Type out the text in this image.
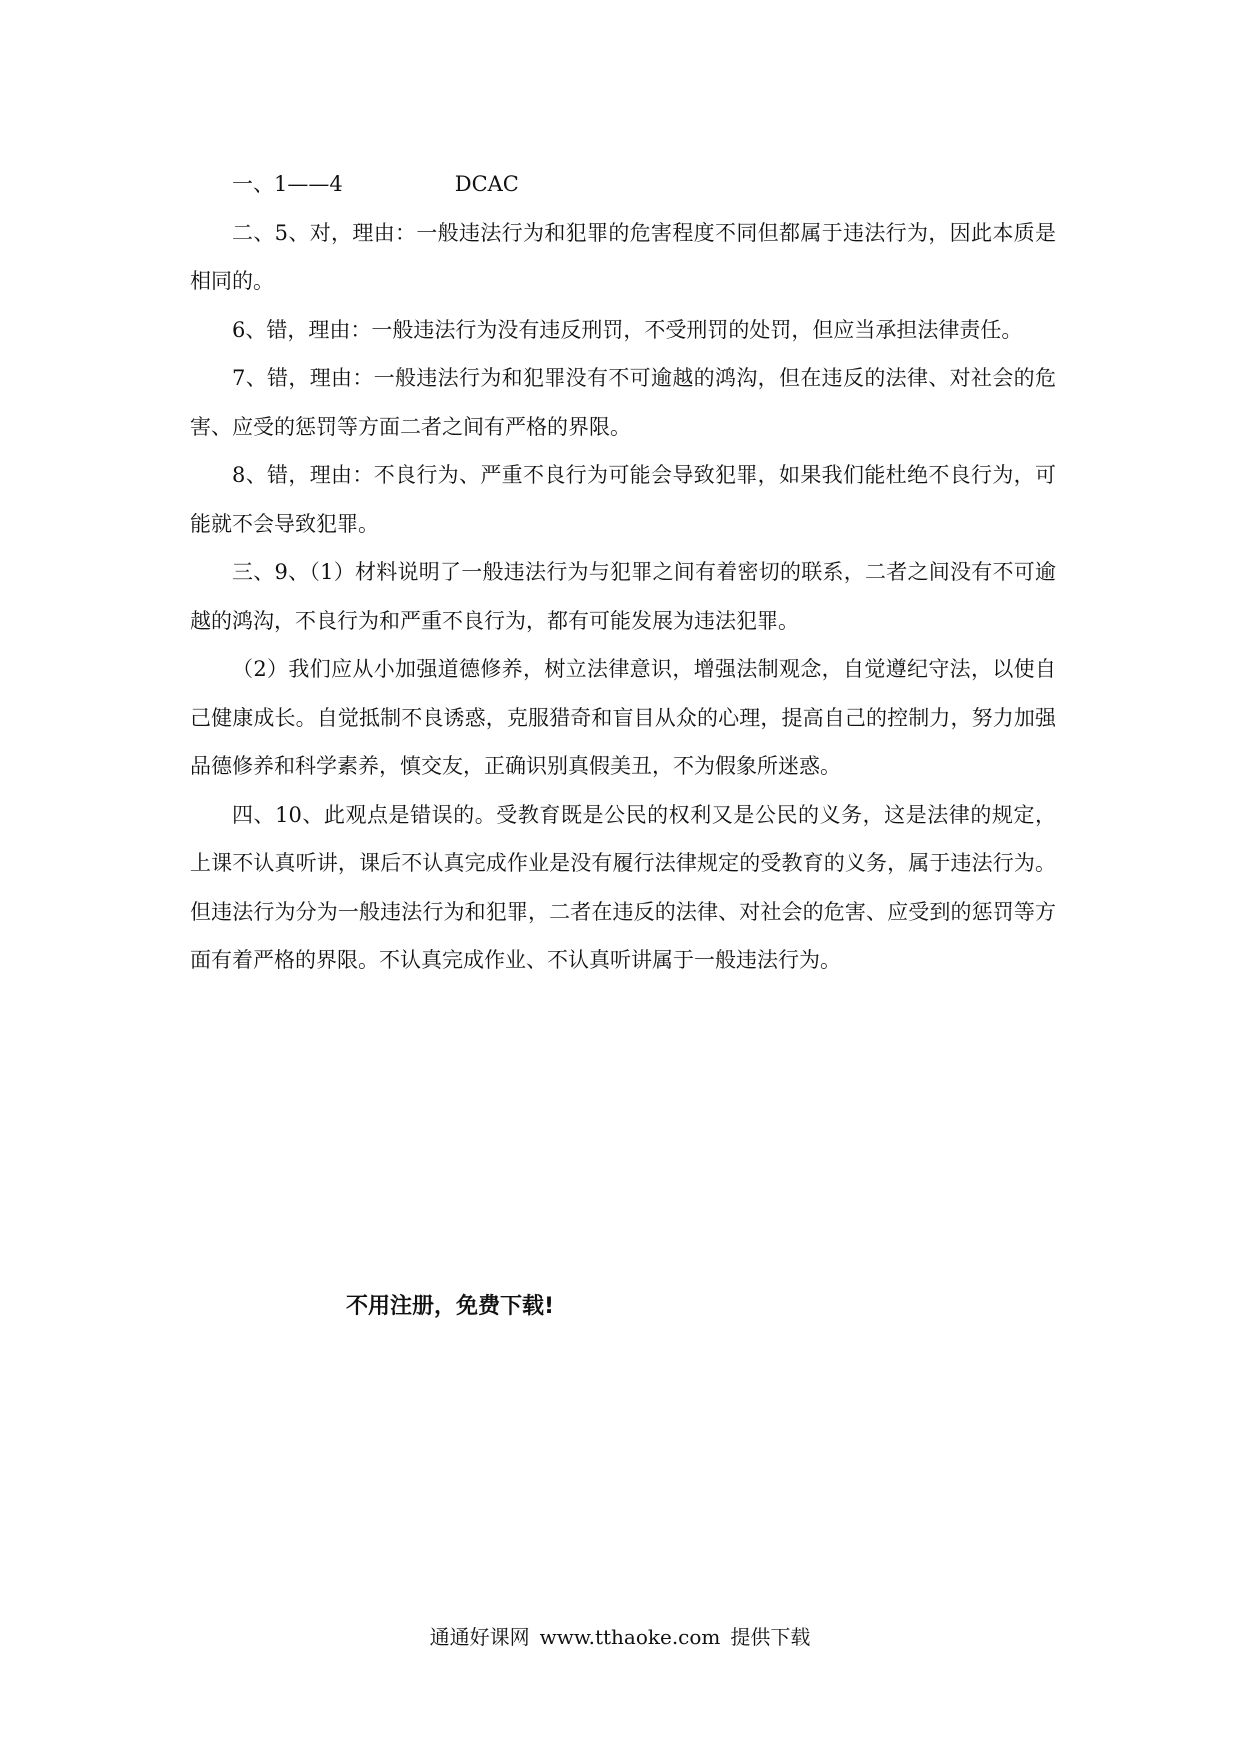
一、1——4	DCAC

二、5、对，理由：一般违法行为和犯罪的危害程度不同但都属于违法行为，因此本质是相同的。

6、错，理由：一般违法行为没有违反刑罚，不受刑罚的处罚，但应当承担法律责任。

7、错，理由：一般违法行为和犯罪没有不可逾越的鸿沟，但在违反的法律、对社会的危害、应受的惩罚等方面二者之间有严格的界限。

8、错，理由：不良行为、严重不良行为可能会导致犯罪，如果我们能杜绝不良行为，可能就不会导致犯罪。

三、9、（1）材料说明了一般违法行为与犯罪之间有着密切的联系，二者之间没有不可逾越的鸿沟，不良行为和严重不良行为，都有可能发展为违法犯罪。

（2）我们应从小加强道德修养，树立法律意识，增强法制观念，自觉遵纪守法，以使自己健康成长。自觉抵制不良诱惑，克服猎奇和盲目从众的心理，提高自己的控制力，努力加强品德修养和科学素养，慎交友，正确识别真假美丑，不为假象所迷惑。

四、10、此观点是错误的。受教育既是公民的权利又是公民的义务，这是法律的规定，上课不认真听讲，课后不认真完成作业是没有履行法律规定的受教育的义务，属于违法行为。但违法行为分为一般违法行为和犯罪，二者在违反的法律、对社会的危害、应受到的惩罚等方面有着严格的界限。不认真完成作业、不认真听讲属于一般违法行为。

不用注册，免费下载!
通通好课网 www.tthaoke.com 提供下载
